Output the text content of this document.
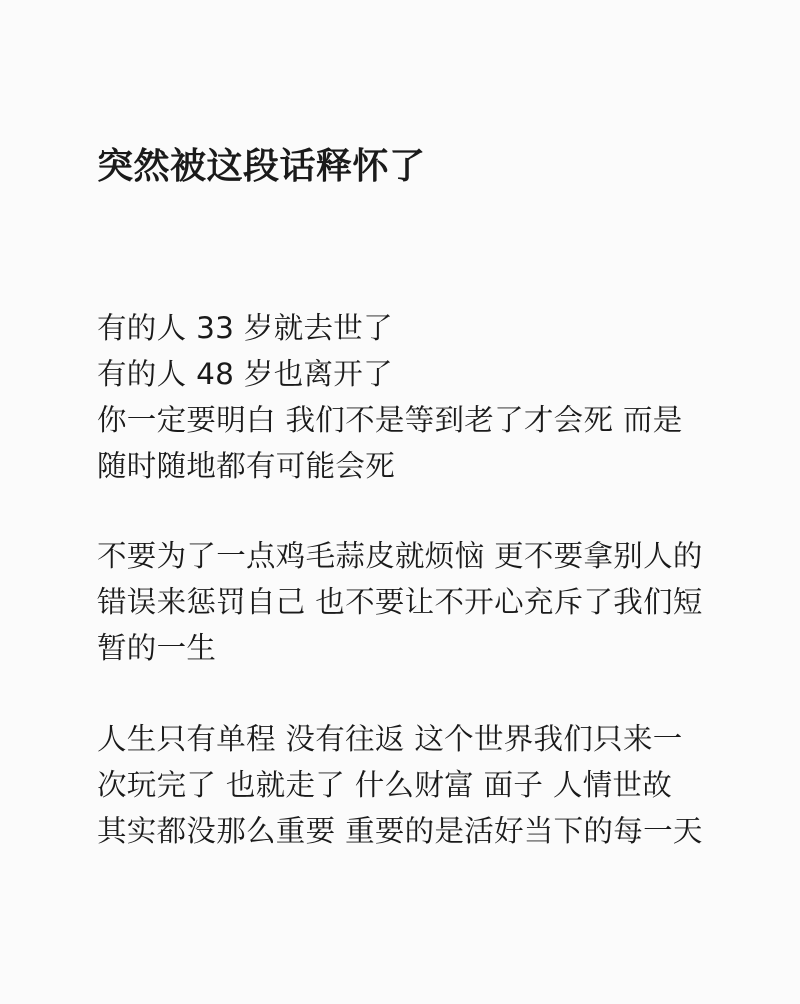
突然被这段话释怀了

有的人 33 岁就去世了
有的人 48 岁也离开了
你一定要明白 我们不是等到老了才会死 而是
随时随地都有可能会死

不要为了一点鸡毛蒜皮就烦恼 更不要拿别人的
错误来惩罚自己 也不要让不开心充斥了我们短
暂的一生

人生只有单程 没有往返 这个世界我们只来一
次玩完了 也就走了 什么财富 面子 人情世故
其实都没那么重要 重要的是活好当下的每一天
